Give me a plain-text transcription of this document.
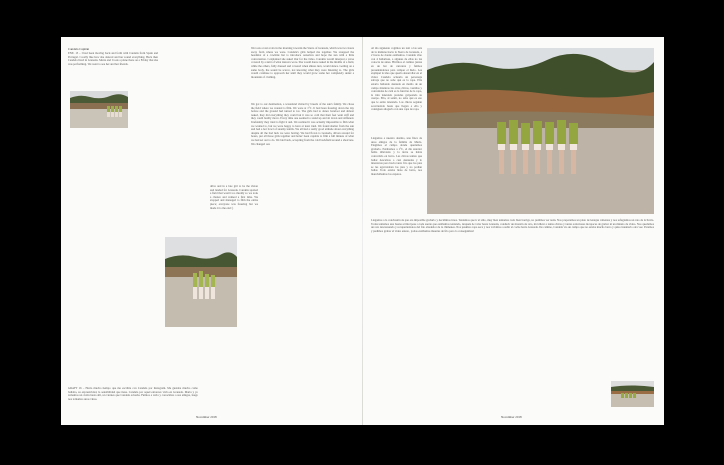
Candela Capitán
ENE. 15 – I had been moving back and forth with Candela from Spain and Portugal. I really like how she danced and her sound everything. Back then Candela lived in Granada. Maria and I took a plane there on a Friday that she was performing. We went to see her and her friends.
We took a taxi at six in the morning towards the Sierra of Granada, which was two hours away from where we were. Candela's girls helped me together. We swapped the headshot of a cowhide but to introduce ourselves and hope the sun with a little conversation. I explained she asked Our for the video. Candela would interpret a verse covered by a skirt of what dancers wore. She would dance naked in the middle of a field, while the others, fully dressed and covered when shines turn, would dance. Getting on a same body, the sound be scarce, not knowing what they were listening to. The girls would continue to approach her until they would grow some her completely under a mountain of clothing.
We got to our destination, a wasteland visited by breeds of the sun's family. We chose the field where we wanted to film. We were at 1°C. It had been freezing down the day before and the ground had turned to ice. The girls had to dance barefoot and almost naked, they did everything they could but it was so cold that their feet went stiff and they could hardly move. Every time one seemed to stand up and sit down and stiffened. Irrefutably they tried to fight it and. We realized it was actually impossible to film what we wanted to, but we were happy to have at least tried. We found shelter from the sun and had a hot bowl of steamy lentils. We all had a really good attitude about everything despite all the bad luck we were having. We had flown to Granada, driven around for hours, put all those girls together and holes' been capable to film a full minute of what we had set out to do. We laid back, accepting from the cold backfield around a shotcrete. We changed our.
drive and in a late girl to be the vision and landed for Granada. Candela spotted a field that wasn't too muddy so we took a chance and walked a first time. We stopped and managed to film the entire piece; everyone was freezing but we made it to the end :)
GRAFT 16 – Hacía mucho tiempo que me escribía con Candela por Instagram. Me gustaba mucho como bailaba, su expresividad, la sensibilidad que tiene. Candela por aquel entonces vivía en Granada. María y yo tomamos un avión hasta allí, un viernes que Candela actuaba. Fuimos a verla y conocimos a sus amigas, luego nos tomamos unos vinos.
November 2018
Al día siguiente cogimos un taxi a las seis de la mañana hacia la Sierra de Granada, a 2 horas de donde estábamos. Candela vino con 4 bailarinas, a algunas de ellas no las conocía de antes. Hicimos el camino juntas en un bar de carretera y fuimos presentándonos para romper el hielo. Les expliqué la idea que quería desarrollar en el vídeo: Candela actuaría un personaje salvaje que no sabe qué es la ropa. Ella estaría bailando desnuda en medio de un campo mientras las otras chicas, vestidas y convenidas de cuál es la función de la ropa, le irán lanzando prendas golpeando su cuerpo. Ella, al sentir, no sabe qué es eso que le están lanzando. Las chicas seguían acercándola hasta que llegan a ella y consiguen ahogarla con una capa de ropa.
Llegamos a nuestro destino, una finca de unos amigos de la familia de María. Elegimos el campo donde queríamos grabarlo. Estábamos a 1°C, el día anterior había diluviado y la tierra se había convertido en barro. Las chicas tenían que bailar descalzas o casi desnudas y lo intentaron pero hacía tanto frío que los pies se les agarrotaban los pies y no podían bailar. Todo estaba lleno de barro, nos manchábamos los zapatos.
Llegamos a la conclusión de que era imposible grabarlo y decidimos irnos. Teníamos que ir al sitio, muy bien teníamos todo bien barriga, no pudimos ver nada. Nos preparamos un plato de lentejas calientes y nos refugiamos un rato de la lluvia. Todas teníamos una buena actitud pese a toda suerte que estábamos teniendo, después de volar hasta Granada, conducir un montón de rato, movilizar a tantas chicas y tantas soluciones incapaces de grabar ni un minuto de vídeo. Nos quedamos un rato descansando y recuperándonos del frío alrededor de la chimenea. Nos pusimos ropa seca y nos volvimos a subir al coche hacia Granada. De camino, Candela vio un campo que no estaba mucho barro y quiso intentarlo otra vez. Paramos y pudimos grabar el video entero, ¡todas estábamos muertas de frío pero lo conseguimos!
November 2018
